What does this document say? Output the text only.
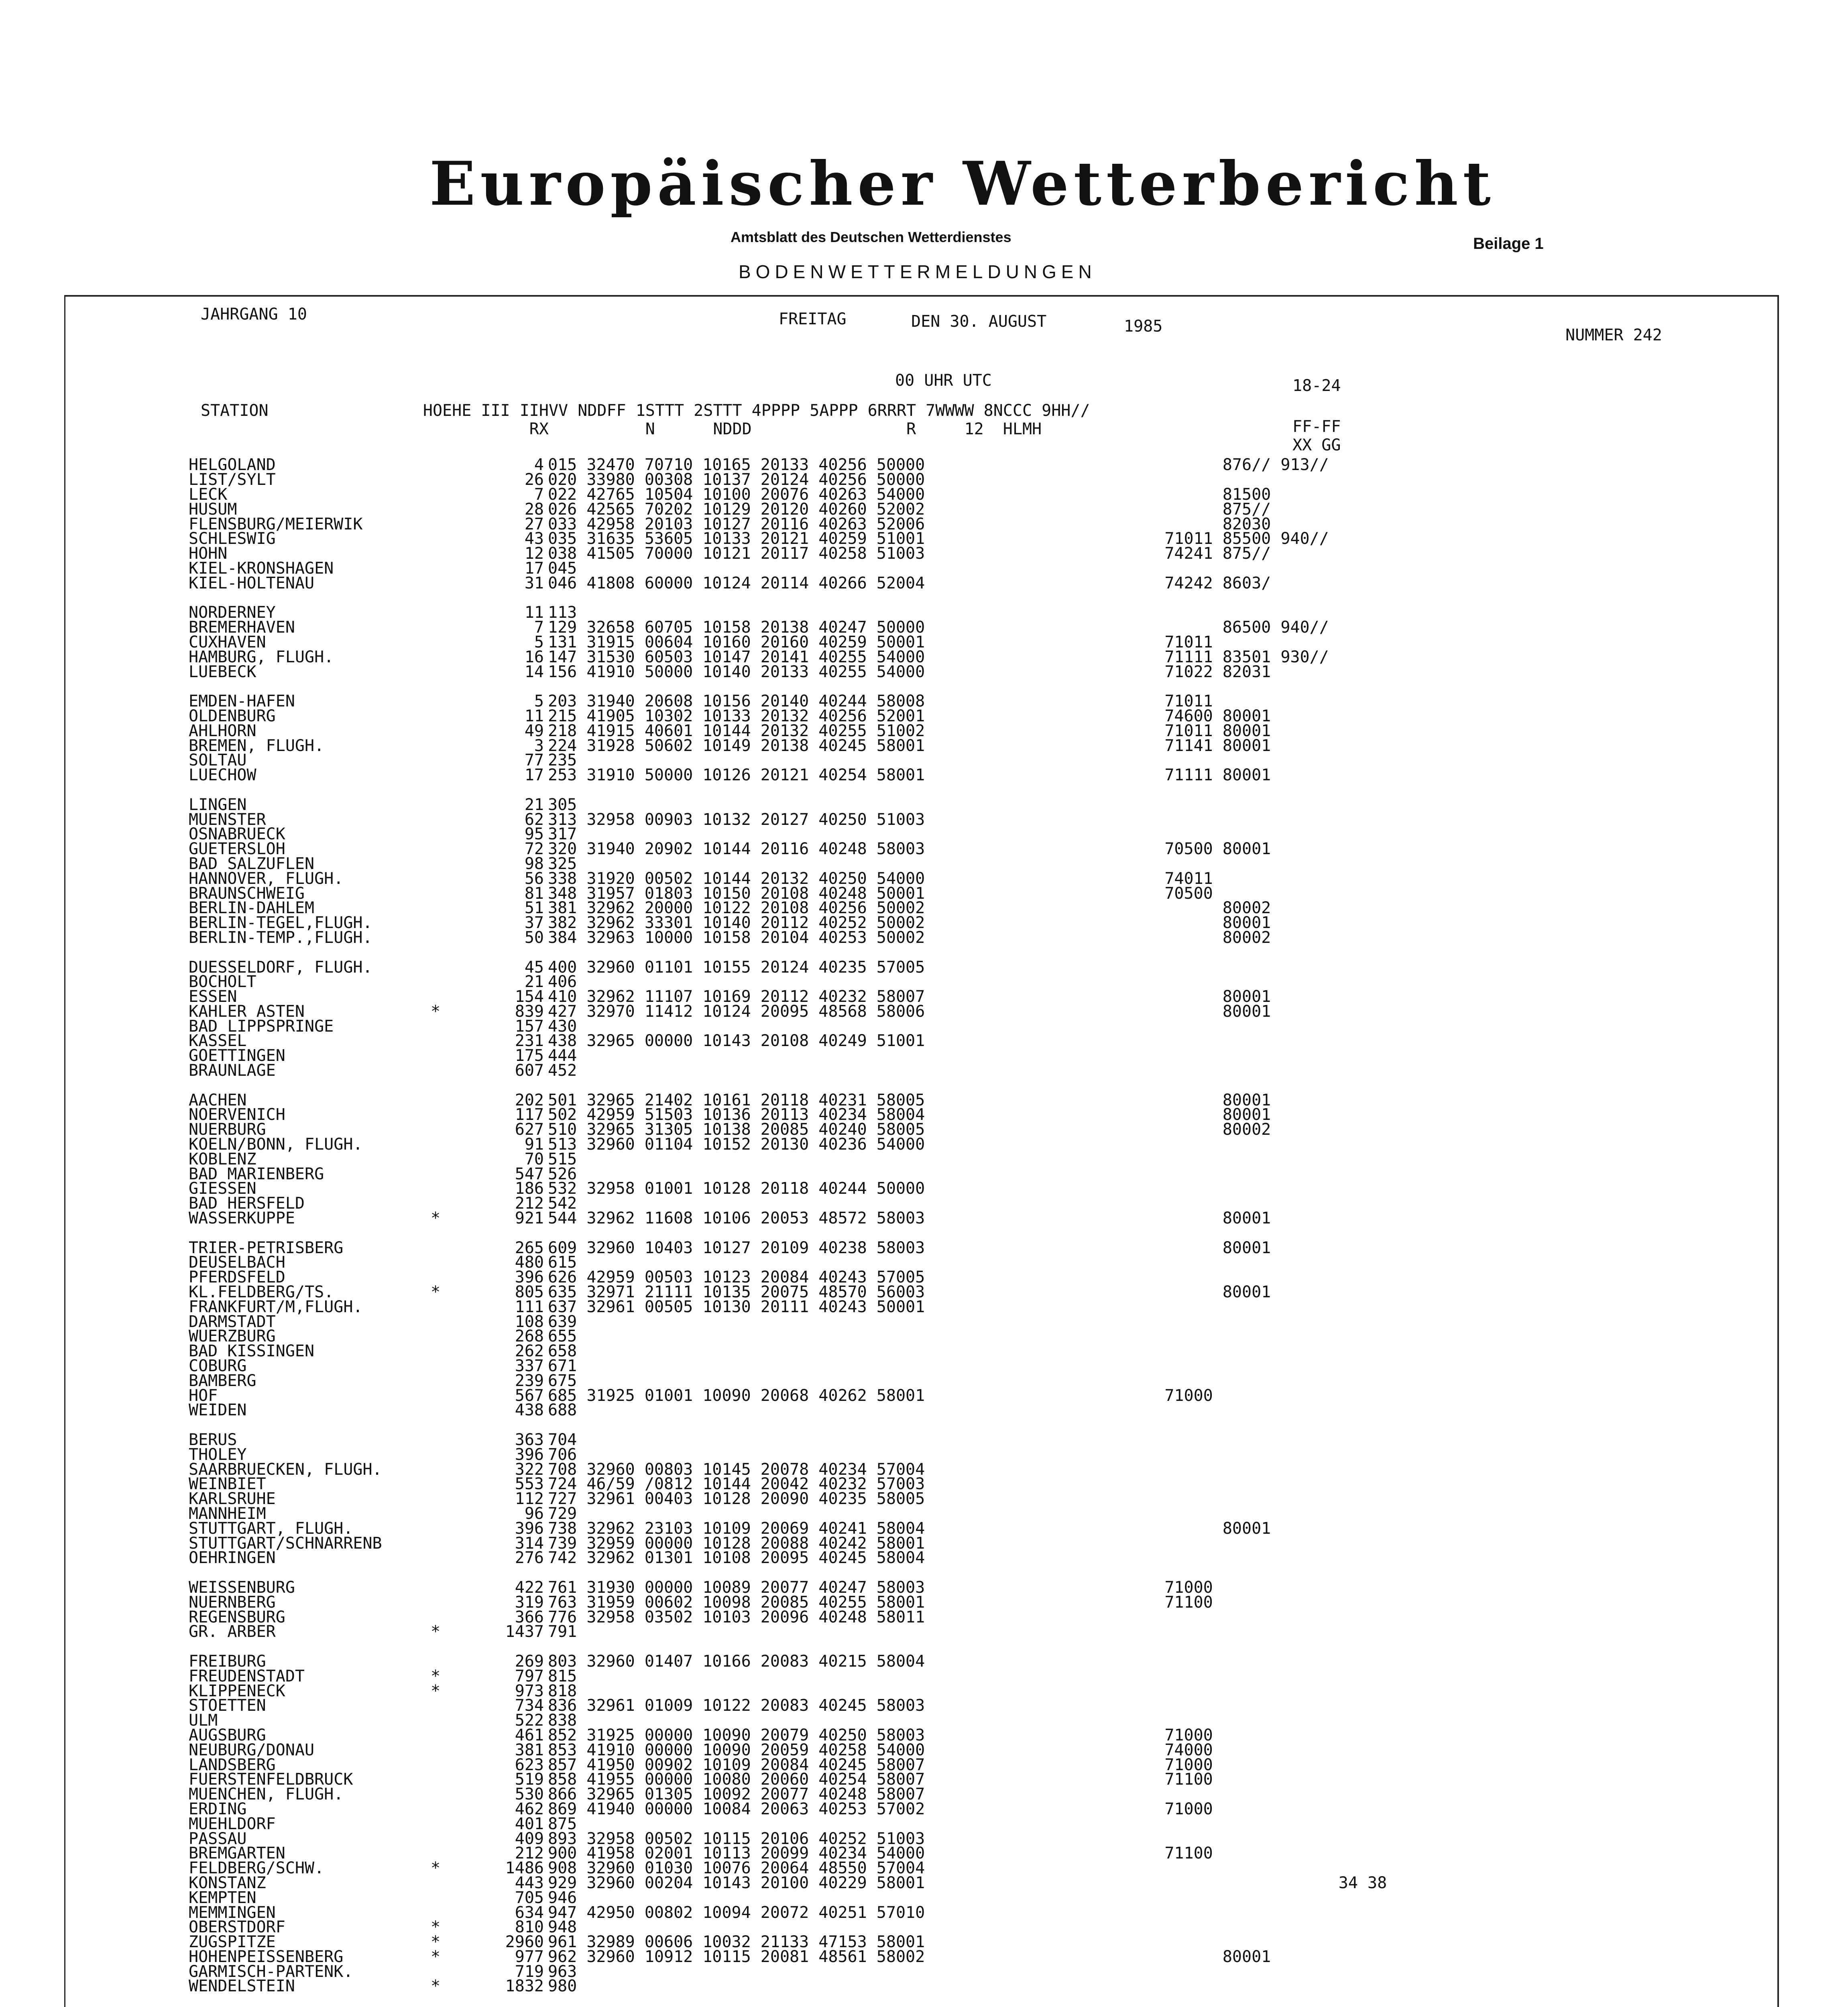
Europäischer Wetterbericht
Amtsblatt des Deutschen Wetterdienstes	Beilage 1
BODENWETTERMELDUNGEN
JAHRGANG 10	FREITAG	DEN 30. AUGUST	1985	NUMMER 242
00 UHR UTC	18-24
STATION                HOEHE III IIHVV NDDFF 1STTT 2STTT 4PPPP 5APPP 6RRRT 7WWWW 8NCCC 9HH//
RX          N      NDDD                R     12  HLMH	FF-FF
XX GG
HELGOLAND	4 015 32470 70710 10165 20133 40256 50000	876// 913//
LIST/SYLT	26 020 33980 00308 10137 20124 40256 50000
LECK	7 022 42765 10504 10100 20076 40263 54000	81500
HUSUM	28 026 42565 70202 10129 20120 40260 52002	875//
FLENSBURG/MEIERWIK	27 033 42958 20103 10127 20116 40263 52006	82030
SCHLESWIG	43 035 31635 53605 10133 20121 40259 51001	71011 85500 940//
HOHN	12 038 41505 70000 10121 20117 40258 51003	74241 875//
KIEL-KRONSHAGEN	17 045
KIEL-HOLTENAU	31 046 41808 60000 10124 20114 40266 52004	74242 8603/
NORDERNEY	11 113
BREMERHAVEN	7 129 32658 60705 10158 20138 40247 50000	86500 940//
CUXHAVEN	5 131 31915 00604 10160 20160 40259 50001	71011
HAMBURG, FLUGH.	16 147 31530 60503 10147 20141 40255 54000	71111 83501 930//
LUEBECK	14 156 41910 50000 10140 20133 40255 54000	71022 82031
EMDEN-HAFEN	5 203 31940 20608 10156 20140 40244 58008	71011
OLDENBURG	11 215 41905 10302 10133 20132 40256 52001	74600 80001
AHLHORN	49 218 41915 40601 10144 20132 40255 51002	71011 80001
BREMEN, FLUGH.	3 224 31928 50602 10149 20138 40245 58001	71141 80001
SOLTAU	77 235
LUECHOW	17 253 31910 50000 10126 20121 40254 58001	71111 80001
LINGEN	21 305
MUENSTER	62 313 32958 00903 10132 20127 40250 51003
OSNABRUECK	95 317
GUETERSLOH	72 320 31940 20902 10144 20116 40248 58003	70500 80001
BAD SALZUFLEN	98 325
HANNOVER, FLUGH.	56 338 31920 00502 10144 20132 40250 54000	74011
BRAUNSCHWEIG	81 348 31957 01803 10150 20108 40248 50001	70500
BERLIN-DAHLEM	51 381 32962 20000 10122 20108 40256 50002	80002
BERLIN-TEGEL,FLUGH.	37 382 32962 33301 10140 20112 40252 50002	80001
BERLIN-TEMP.,FLUGH.	50 384 32963 10000 10158 20104 40253 50002	80002
DUESSELDORF, FLUGH.	45 400 32960 01101 10155 20124 40235 57005
BOCHOLT	21 406
ESSEN	154 410 32962 11107 10169 20112 40232 58007	80001
KAHLER ASTEN	*	839 427 32970 11412 10124 20095 48568 58006	80001
BAD LIPPSPRINGE	157 430
KASSEL	231 438 32965 00000 10143 20108 40249 51001
GOETTINGEN	175 444
BRAUNLAGE	607 452
AACHEN	202 501 32965 21402 10161 20118 40231 58005	80001
NOERVENICH	117 502 42959 51503 10136 20113 40234 58004	80001
NUERBURG	627 510 32965 31305 10138 20085 40240 58005	80002
KOELN/BONN, FLUGH.	91 513 32960 01104 10152 20130 40236 54000
KOBLENZ	70 515
BAD MARIENBERG	547 526
GIESSEN	186 532 32958 01001 10128 20118 40244 50000
BAD HERSFELD	212 542
WASSERKUPPE	*	921 544 32962 11608 10106 20053 48572 58003	80001
TRIER-PETRISBERG	265 609 32960 10403 10127 20109 40238 58003	80001
DEUSELBACH	480 615
PFERDSFELD	396 626 42959 00503 10123 20084 40243 57005
KL.FELDBERG/TS.	*	805 635 32971 21111 10135 20075 48570 56003	80001
FRANKFURT/M,FLUGH.	111 637 32961 00505 10130 20111 40243 50001
DARMSTADT	108 639
WUERZBURG	268 655
BAD KISSINGEN	262 658
COBURG	337 671
BAMBERG	239 675
HOF	567 685 31925 01001 10090 20068 40262 58001	71000
WEIDEN	438 688
BERUS	363 704
THOLEY	396 706
SAARBRUECKEN, FLUGH.	322 708 32960 00803 10145 20078 40234 57004
WEINBIET	553 724 46/59 /0812 10144 20042 40232 57003
KARLSRUHE	112 727 32961 00403 10128 20090 40235 58005
MANNHEIM	96 729
STUTTGART, FLUGH.	396 738 32962 23103 10109 20069 40241 58004	80001
STUTTGART/SCHNARRENB	314 739 32959 00000 10128 20088 40242 58001
OEHRINGEN	276 742 32962 01301 10108 20095 40245 58004
WEISSENBURG	422 761 31930 00000 10089 20077 40247 58003	71000
NUERNBERG	319 763 31959 00602 10098 20085 40255 58001	71100
REGENSBURG	366 776 32958 03502 10103 20096 40248 58011
GR. ARBER	*	1437 791
FREIBURG	269 803 32960 01407 10166 20083 40215 58004
FREUDENSTADT	*	797 815
KLIPPENECK	*	973 818
STOETTEN	734 836 32961 01009 10122 20083 40245 58003
ULM	522 838
AUGSBURG	461 852 31925 00000 10090 20079 40250 58003	71000
NEUBURG/DONAU	381 853 41910 00000 10090 20059 40258 54000	74000
LANDSBERG	623 857 41950 00902 10109 20084 40245 58007	71000
FUERSTENFELDBRUCK	519 858 41955 00000 10080 20060 40254 58007	71100
MUENCHEN, FLUGH.	530 866 32965 01305 10092 20077 40248 58007
ERDING	462 869 41940 00000 10084 20063 40253 57002	71000
MUEHLDORF	401 875
PASSAU	409 893 32958 00502 10115 20106 40252 51003
BREMGARTEN	212 900 41958 02001 10113 20099 40234 54000	71100
FELDBERG/SCHW.	*	1486 908 32960 01030 10076 20064 48550 57004
KONSTANZ	443 929 32960 00204 10143 20100 40229 58001	34 38
KEMPTEN	705 946
MEMMINGEN	634 947 42950 00802 10094 20072 40251 57010
OBERSTDORF	*	810 948
ZUGSPITZE	*	2960 961 32989 00606 10032 21133 47153 58001
HOHENPEISSENBERG	*	977 962 32960 10912 10115 20081 48561 58002	80001
GARMISCH-PARTENK.	719 963
WENDELSTEIN	*	1832 980
